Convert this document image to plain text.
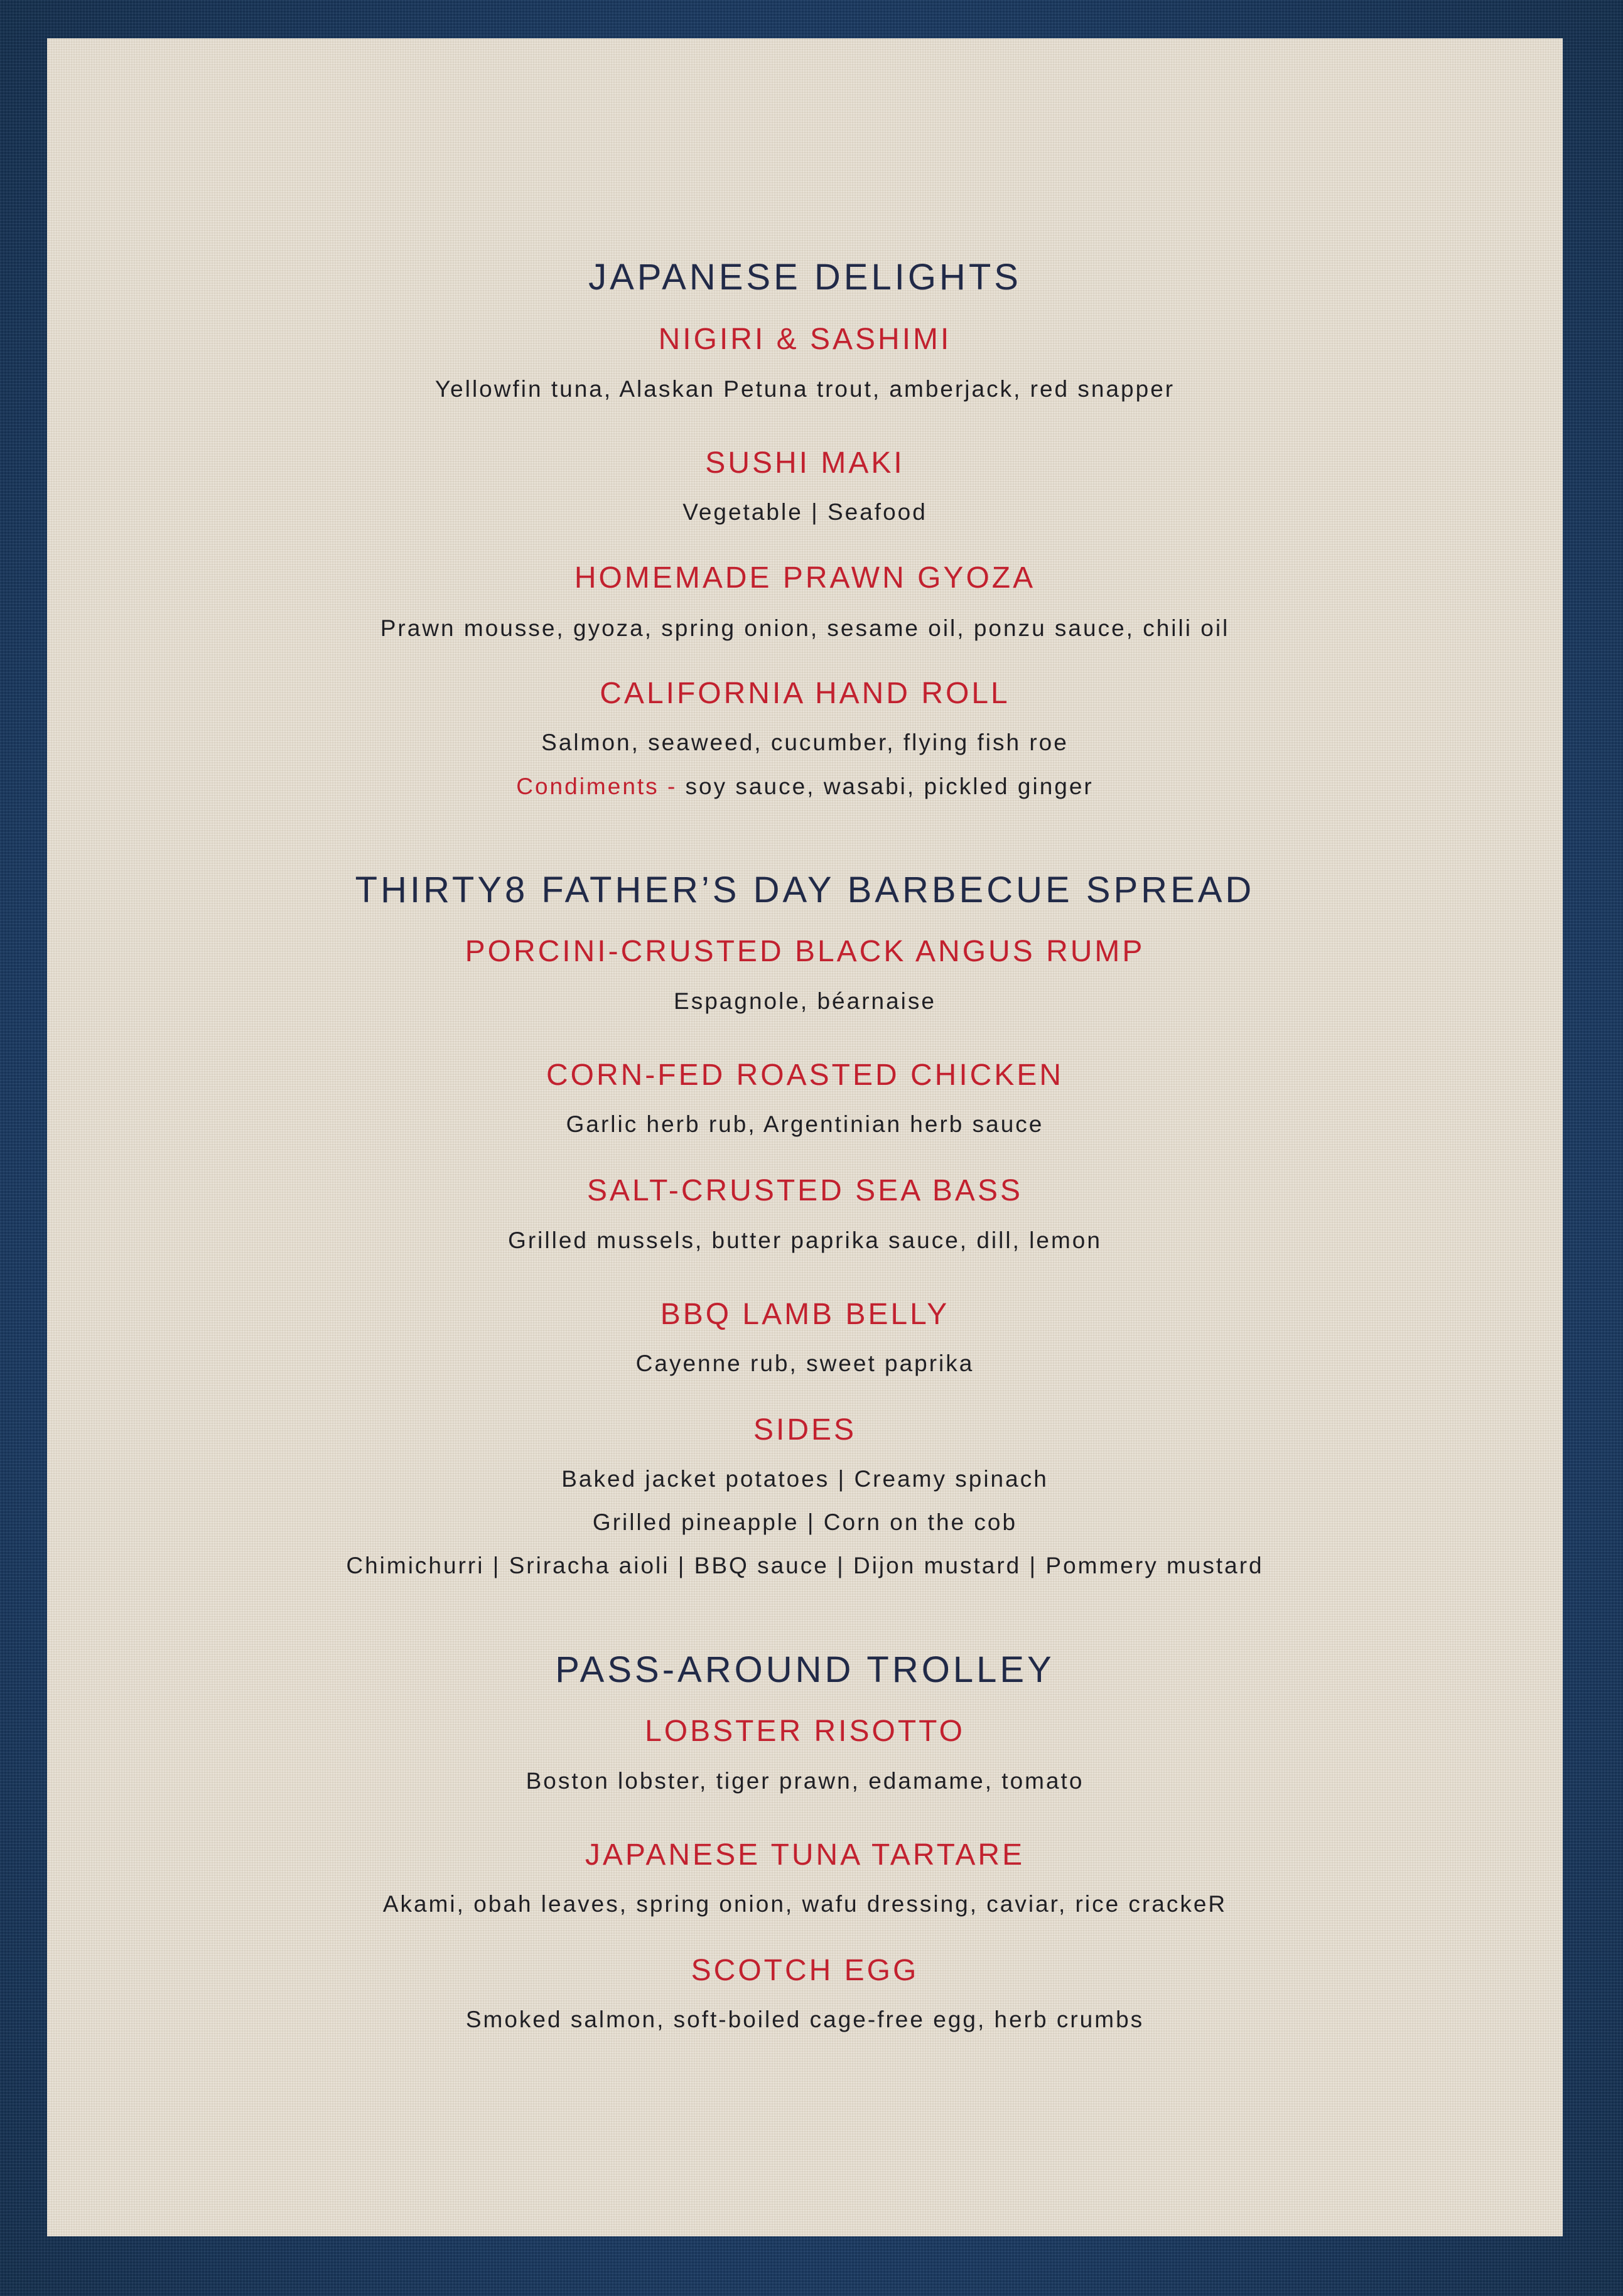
JAPANESE DELIGHTS
NIGIRI & SASHIMI

Yellowfin tuna, Alaskan Petuna trout, amberjack, red snapper

SUSHI MAKI

Vegetable | Seafood

HOMEMADE PRAWN GYOZA

Prawn mousse, gyoza, spring onion, sesame oil, ponzu sauce, chili oil

CALIFORNIA HAND ROLL

Salmon, seaweed, cucumber, flying fish roe

Condiments - soy sauce, wasabi, pickled ginger

THIRTY8 FATHER’S DAY BARBECUE SPREAD
PORCINI-CRUSTED BLACK ANGUS RUMP

Espagnole, béarnaise

CORN-FED ROASTED CHICKEN

Garlic herb rub, Argentinian herb sauce

SALT-CRUSTED SEA BASS

Grilled mussels, butter paprika sauce, dill, lemon

BBQ LAMB BELLY

Cayenne rub, sweet paprika

SIDES

Baked jacket potatoes | Creamy spinach

Grilled pineapple | Corn on the cob

Chimichurri | Sriracha aioli | BBQ sauce | Dijon mustard | Pommery mustard

PASS-AROUND TROLLEY
LOBSTER RISOTTO

Boston lobster, tiger prawn, edamame, tomato

JAPANESE TUNA TARTARE

Akami, obah leaves, spring onion, wafu dressing, caviar, rice crackeR

SCOTCH EGG

Smoked salmon, soft-boiled cage-free egg, herb crumbs
